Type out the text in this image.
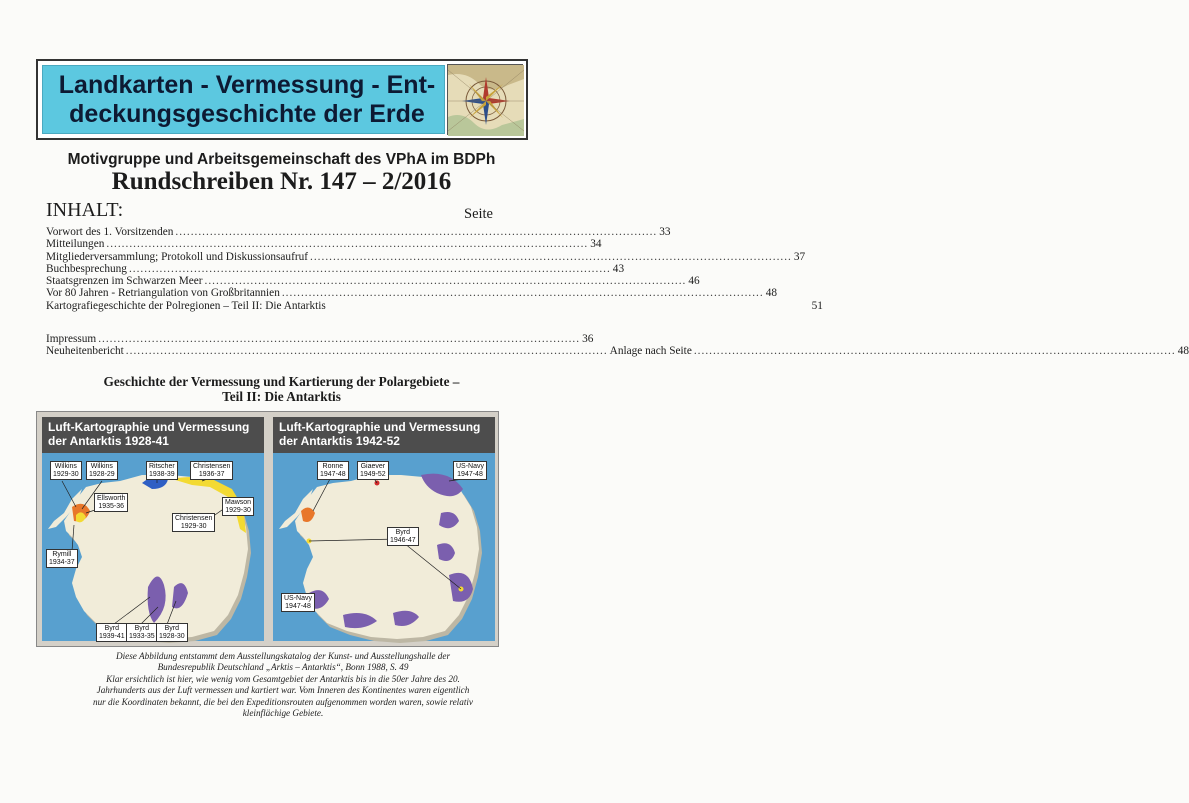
Landkarten - Vermessung - Ent-
deckungsgeschichte der Erde
Motivgruppe und Arbeitsgemeinschaft des VPhA im BDPh
Rundschreiben Nr. 147 – 2/2016
INHALT:	Seite
Vorwort des 1. Vorsitzenden .............................................................................................................................. 33
Mitteilungen .............................................................................................................................. 34
Mitgliederversammlung; Protokoll und Diskussionsaufruf .............................................................................................................................. 37
Buchbesprechung .............................................................................................................................. 43
Staatsgrenzen im Schwarzen Meer .............................................................................................................................. 46
Vor 80 Jahren - Retriangulation von Großbritannien .............................................................................................................................. 48
Kartografiegeschichte der Polregionen – Teil II: Die Antarktis	51
Impressum .............................................................................................................................. 36
Neuheitenbericht .............................................................................................................................. Anlage nach Seite .............................................................................................................................. 48
Geschichte der Vermessung und Kartierung der Polargebiete –
Teil II: Die Antarktis
Luft-Kartographie und Vermessung
der Antarktis 1928-41
Wilkins
1929-30
Wilkins
1928-29
Ritscher
1938-39
Christensen
1936-37
Ellsworth
1935-36	Mawson
1929-30
Christensen
1929-30
Rymill
1934-37
Byrd
1939-41
Byrd
1933-35
Byrd
1928-30
Luft-Kartographie und Vermessung
der Antarktis 1942-52
Ronne
1947-48
Giaever
1949-52
US-Navy
1947-48
Byrd
1946-47
US-Navy
1947-48

Diese Abbildung entstammt dem Ausstellungskatalog der Kunst- und Ausstellungshalle der

Bundesrepublik Deutschland „Arktis – Antarktis“, Bonn 1988, S. 49

Klar ersichtlich ist hier, wie wenig vom Gesamtgebiet der Antarktis bis in die 50er Jahre des 20.

Jahrhunderts aus der Luft vermessen und kartiert war. Vom Inneren des Kontinentes waren eigentlich

nur die Koordinaten bekannt, die bei den Expeditionsrouten aufgenommen worden waren, sowie relativ

kleinflächige Gebiete.
